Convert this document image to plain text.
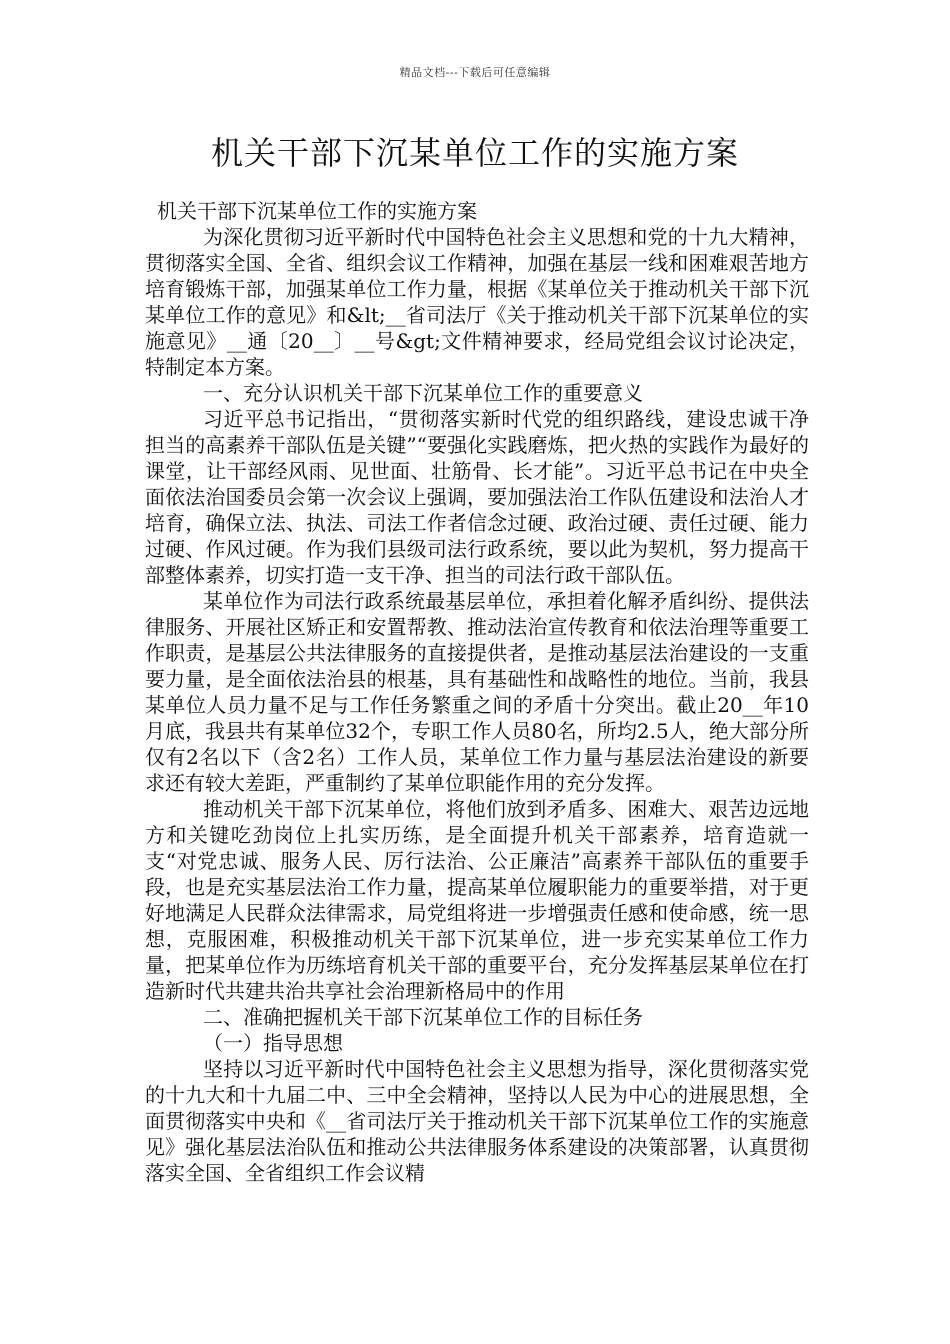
精品文档---下载后可任意编辑
机关干部下沉某单位工作的实施方案
机关干部下沉某单位工作的实施方案

为深化贯彻习近平新时代中国特色社会主义思想和党的十九大精神，贯彻落实全国、全省、组织会议工作精神，加强在基层一线和困难艰苦地方培育锻炼干部，加强某单位工作力量，根据《某单位关于推动机关干部下沉某单位工作的意见》和&lt;__省司法厅《关于推动机关干部下沉某单位的实施意见》__通〔20__〕__号&gt;文件精神要求，经局党组会议讨论决定，特制定本方案。

一、充分认识机关干部下沉某单位工作的重要意义

习近平总书记指出，“贯彻落实新时代党的组织路线，建设忠诚干净担当的高素养干部队伍是关键”“要强化实践磨炼，把火热的实践作为最好的课堂，让干部经风雨、见世面、壮筋骨、长才能”。习近平总书记在中央全面依法治国委员会第一次会议上强调，要加强法治工作队伍建设和法治人才培育，确保立法、执法、司法工作者信念过硬、政治过硬、责任过硬、能力过硬、作风过硬。作为我们县级司法行政系统，要以此为契机，努力提高干部整体素养，切实打造一支干净、担当的司法行政干部队伍。

某单位作为司法行政系统最基层单位，承担着化解矛盾纠纷、提供法律服务、开展社区矫正和安置帮教、推动法治宣传教育和依法治理等重要工作职责，是基层公共法律服务的直接提供者，是推动基层法治建设的一支重要力量，是全面依法治县的根基，具有基础性和战略性的地位。当前，我县某单位人员力量不足与工作任务繁重之间的矛盾十分突出。截止20__年10月底，我县共有某单位32个，专职工作人员80名，所均2.5人，绝大部分所仅有2名以下（含2名）工作人员，某单位工作力量与基层法治建设的新要求还有较大差距，严重制约了某单位职能作用的充分发挥。

推动机关干部下沉某单位，将他们放到矛盾多、困难大、艰苦边远地方和关键吃劲岗位上扎实历练，是全面提升机关干部素养，培育造就一支“对党忠诚、服务人民、厉行法治、公正廉洁”高素养干部队伍的重要手段，也是充实基层法治工作力量，提高某单位履职能力的重要举措，对于更好地满足人民群众法律需求，局党组将进一步增强责任感和使命感，统一思想，克服困难，积极推动机关干部下沉某单位，进一步充实某单位工作力量，把某单位作为历练培育机关干部的重要平台，充分发挥基层某单位在打造新时代共建共治共享社会治理新格局中的作用

二、准确把握机关干部下沉某单位工作的目标任务

（一）指导思想

坚持以习近平新时代中国特色社会主义思想为指导，深化贯彻落实党的十九大和十九届二中、三中全会精神，坚持以人民为中心的进展思想，全面贯彻落实中央和《__省司法厅关于推动机关干部下沉某单位工作的实施意见》强化基层法治队伍和推动公共法律服务体系建设的决策部署，认真贯彻落实全国、全省组织工作会议精
